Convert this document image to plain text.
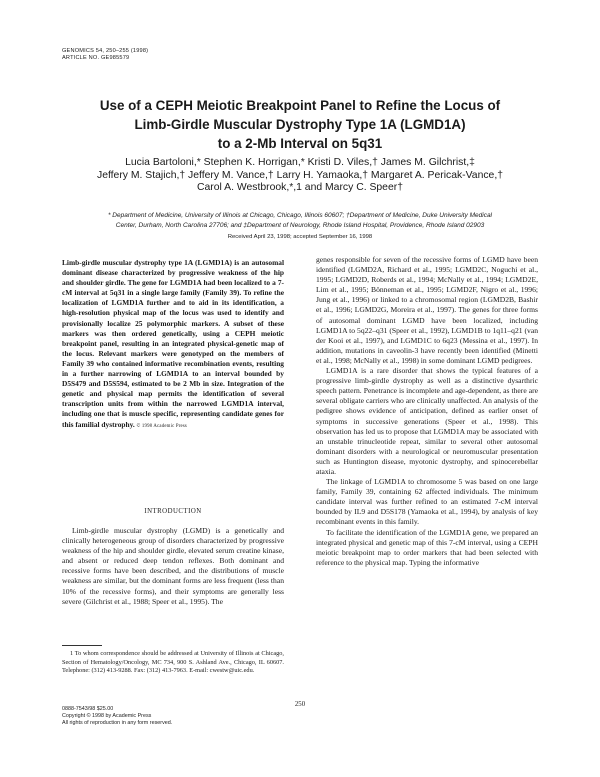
GENOMICS 54, 250–255 (1998)
ARTICLE NO. GE985579
Use of a CEPH Meiotic Breakpoint Panel to Refine the Locus of
Limb-Girdle Muscular Dystrophy Type 1A (LGMD1A)
to a 2-Mb Interval on 5q31
Lucia Bartoloni,* Stephen K. Horrigan,* Kristi D. Viles,† James M. Gilchrist,‡
Jeffery M. Stajich,† Jeffery M. Vance,† Larry H. Yamaoka,† Margaret A. Pericak-Vance,†
Carol A. Westbrook,*,1 and Marcy C. Speer†
* Department of Medicine, University of Illinois at Chicago, Chicago, Illinois 60607; †Department of Medicine, Duke University Medical
Center, Durham, North Carolina 27706; and ‡Department of Neurology, Rhode Island Hospital, Providence, Rhode Island 02903
Received April 23, 1998; accepted September 16, 1998
Limb-girdle muscular dystrophy type 1A (LGMD1A) is an autosomal dominant disease characterized by progressive weakness of the hip and shoulder girdle. The gene for LGMD1A had been localized to a 7-cM interval at 5q31 in a single large family (Family 39). To refine the localization of LGMD1A further and to aid in its identification, a high-resolution physical map of the locus was used to identify and provisionally localize 25 polymorphic markers. A subset of these markers was then ordered genetically, using a CEPH meiotic breakpoint panel, resulting in an integrated physical-genetic map of the locus. Relevant markers were genotyped on the members of Family 39 who contained informative recombination events, resulting in a further narrowing of LGMD1A to an interval bounded by D5S479 and D5S594, estimated to be 2 Mb in size. Integration of the genetic and physical map permits the identification of several transcription units from within the narrowed LGMD1A interval, including one that is muscle specific, representing candidate genes for this familial dystrophy. © 1998 Academic Press
INTRODUCTION

Limb-girdle muscular dystrophy (LGMD) is a genetically and clinically heterogeneous group of disorders characterized by progressive weakness of the hip and shoulder girdle, elevated serum creatine kinase, and absent or reduced deep tendon reflexes. Both dominant and recessive forms have been described, and the distributions of muscle weakness are similar, but the dominant forms are less frequent (less than 10% of the recessive forms), and their symptoms are generally less severe (Gilchrist et al., 1988; Speer et al., 1995). The

1 To whom correspondence should be addressed at University of Illinois at Chicago, Section of Hematology/Oncology, MC 734, 900 S. Ashland Ave., Chicago, IL 60607. Telephone: (312) 413-9288. Fax: (312) 413-7963. E-mail: cwestw@uic.edu.

0888-7543/98 $25.00
Copyright © 1998 by Academic Press
All rights of reproduction in any form reserved.
250

genes responsible for seven of the recessive forms of LGMD have been identified (LGMD2A, Richard et al., 1995; LGMD2C, Noguchi et al., 1995; LGMD2D, Roberds et al., 1994; McNally et al., 1994; LGMD2E, Lim et al., 1995; Bönneman et al., 1995; LGMD2F, Nigro et al., 1996; Jung et al., 1996) or linked to a chromosomal region (LGMD2B, Bashir et al., 1996; LGMD2G, Moreira et al., 1997). The genes for three forms of autosomal dominant LGMD have been localized, including LGMD1A to 5q22–q31 (Speer et al., 1992), LGMD1B to 1q11–q21 (van der Kooi et al., 1997), and LGMD1C to 6q23 (Messina et al., 1997). In addition, mutations in caveolin-3 have recently been identified (Minetti et al., 1998; McNally et al., 1998) in some dominant LGMD pedigrees.

LGMD1A is a rare disorder that shows the typical features of a progressive limb-girdle dystrophy as well as a distinctive dysarthric speech pattern. Penetrance is incomplete and age-dependent, as there are several obligate carriers who are clinically unaffected. An analysis of the pedigree shows evidence of anticipation, defined as earlier onset of symptoms in successive generations (Speer et al., 1998). This observation has led us to propose that LGMD1A may be associated with an unstable trinucleotide repeat, similar to several other autosomal dominant disorders with a neurological or neuromuscular presentation such as Huntington disease, myotonic dystrophy, and spinocerebellar ataxia.

The linkage of LGMD1A to chromosome 5 was based on one large family, Family 39, containing 62 affected individuals. The minimum candidate interval was further refined to an estimated 7-cM interval bounded by IL9 and D5S178 (Yamaoka et al., 1994), by analysis of key recombinant events in this family.

To facilitate the identification of the LGMD1A gene, we prepared an integrated physical and genetic map of this 7-cM interval, using a CEPH meiotic breakpoint map to order markers that had been selected with reference to the physical map. Typing the informative
